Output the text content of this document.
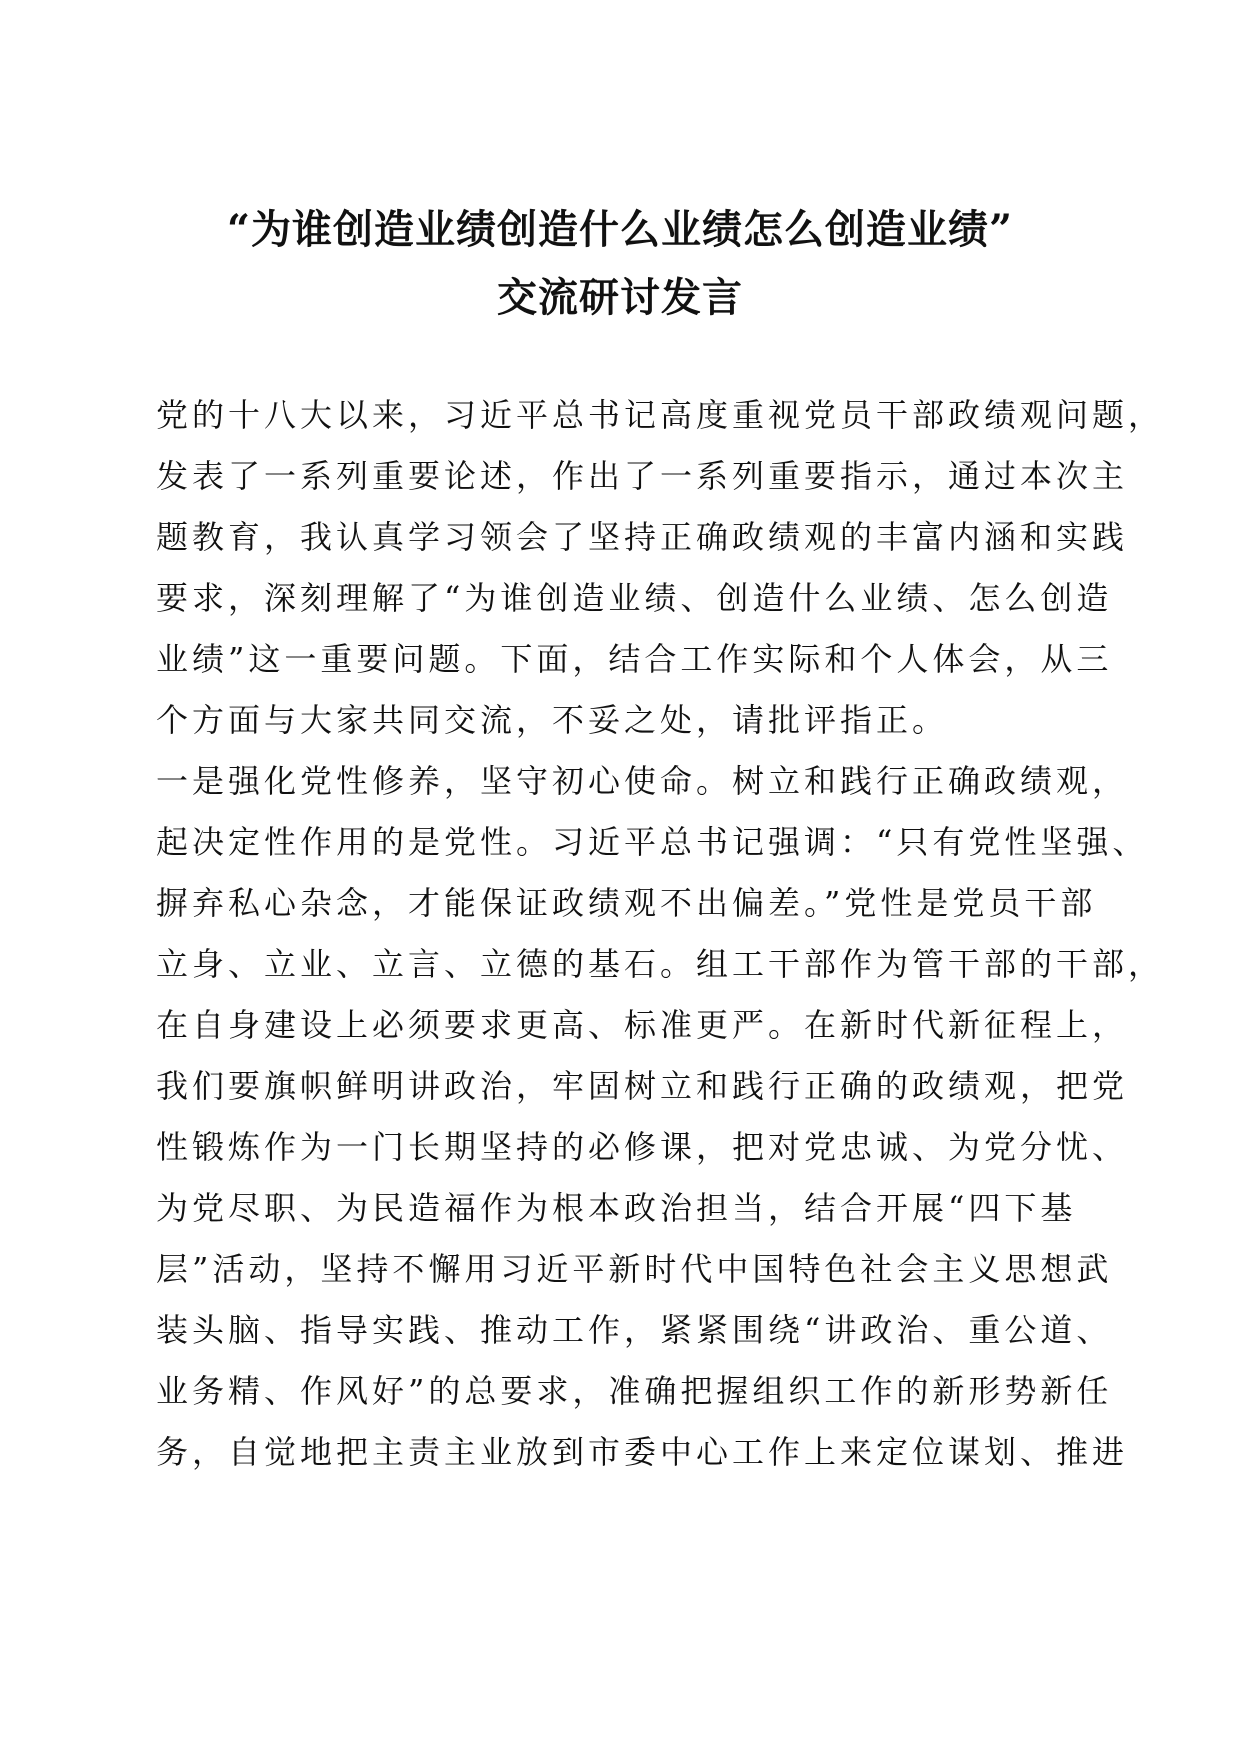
“为谁创造业绩创造什么业绩怎么创造业绩”
交流研讨发言
党的十八大以来，习近平总书记高度重视党员干部政绩观问题，
发表了一系列重要论述，作出了一系列重要指示，通过本次主
题教育，我认真学习领会了坚持正确政绩观的丰富内涵和实践
要求，深刻理解了“为谁创造业绩、创造什么业绩、怎么创造
业绩”这一重要问题。下面，结合工作实际和个人体会，从三
个方面与大家共同交流，不妥之处，请批评指正。
一是强化党性修养，坚守初心使命。树立和践行正确政绩观，
起决定性作用的是党性。习近平总书记强调：“只有党性坚强、
摒弃私心杂念，才能保证政绩观不出偏差。”党性是党员干部
立身、立业、立言、立德的基石。组工干部作为管干部的干部，
在自身建设上必须要求更高、标准更严。在新时代新征程上，
我们要旗帜鲜明讲政治，牢固树立和践行正确的政绩观，把党
性锻炼作为一门长期坚持的必修课，把对党忠诚、为党分忧、
为党尽职、为民造福作为根本政治担当，结合开展“四下基
层”活动，坚持不懈用习近平新时代中国特色社会主义思想武
装头脑、指导实践、推动工作，紧紧围绕“讲政治、重公道、
业务精、作风好”的总要求，准确把握组织工作的新形势新任
务，自觉地把主责主业放到市委中心工作上来定位谋划、推进
